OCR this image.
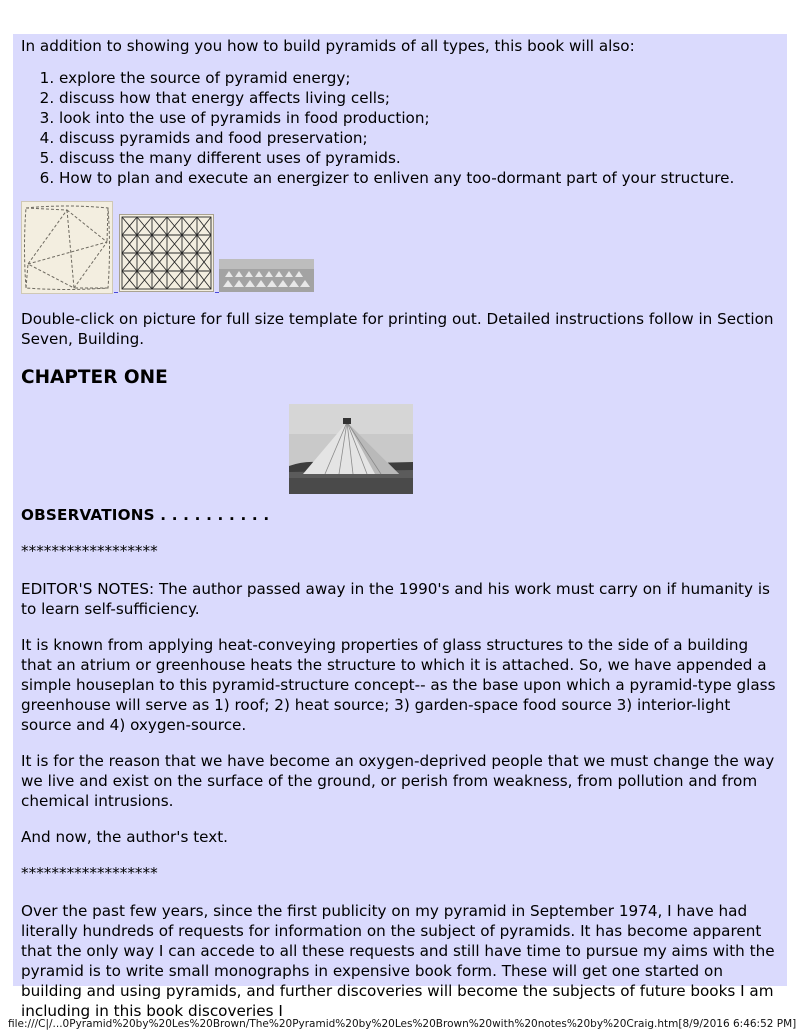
In addition to showing you how to build pyramids of all types, this book will also:

1. explore the source of pyramid energy;
2. discuss how that energy affects living cells;
3. look into the use of pyramids in food production;
4. discuss pyramids and food preservation;
5. discuss the many different uses of pyramids.
6. How to plan and execute an energizer to enliven any too-dormant part of your structure.

Double-click on picture for full size template for printing out. Detailed instructions follow in Section Seven, Building.

CHAPTER ONE
OBSERVATIONS . . . . . . . . . .

******************

EDITOR'S NOTES: The author passed away in the 1990's and his work must carry on if humanity is to learn self-sufficiency.

It is known from applying heat-conveying properties of glass structures to the side of a building that an atrium or greenhouse heats the structure to which it is attached. So, we have appended a simple houseplan to this pyramid-structure concept-- as the base upon which a pyramid-type glass greenhouse will serve as 1) roof; 2) heat source; 3) garden-space food source 3) interior-light source and 4) oxygen-source.

It is for the reason that we have become an oxygen-deprived people that we must change the way we live and exist on the surface of the ground, or perish from weakness, from pollution and from chemical intrusions.

And now, the author's text.

******************

Over the past few years, since the first publicity on my pyramid in September 1974, I have had literally hundreds of requests for information on the subject of pyramids. It has become apparent that the only way I can accede to all these requests and still have time to pursue my aims with the pyramid is to write small monographs in expensive book form. These will get one started on building and using pyramids, and further discoveries will become the subjects of future books I am including in this book discoveries I

file:///C|/...0Pyramid%20by%20Les%20Brown/The%20Pyramid%20by%20Les%20Brown%20with%20notes%20by%20Craig.htm[8/9/2016 6:46:52 PM]
